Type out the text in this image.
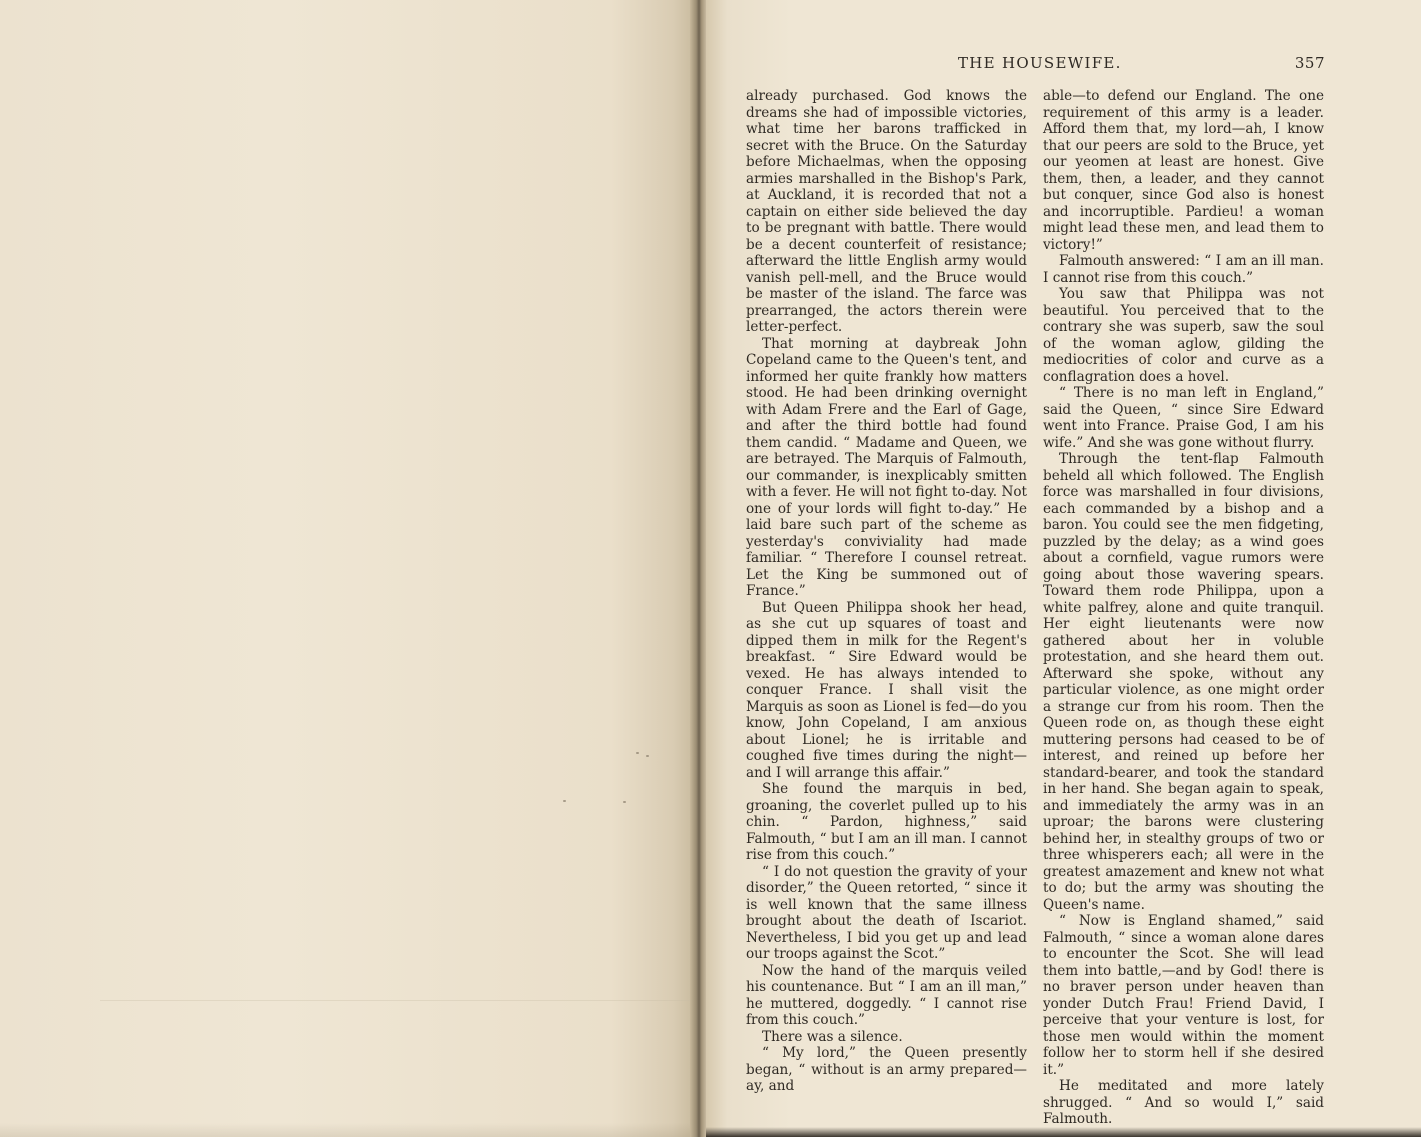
THE HOUSEWIFE.	357

already purchased. God knows the dreams she had of impossible victories, what time her barons trafficked in secret with the Bruce. On the Saturday before Michaelmas, when the opposing armies marshalled in the Bishop's Park, at Auckland, it is recorded that not a captain on either side believed the day to be pregnant with battle. There would be a decent counterfeit of resistance; afterward the little English army would vanish pell-mell, and the Bruce would be master of the island. The farce was prearranged, the actors therein were letter-perfect.

That morning at daybreak John Copeland came to the Queen's tent, and informed her quite frankly how matters stood. He had been drinking overnight with Adam Frere and the Earl of Gage, and after the third bottle had found them candid. “ Madame and Queen, we are betrayed. The Marquis of Falmouth, our commander, is inexplicably smitten with a fever. He will not fight to-day. Not one of your lords will fight to-day.” He laid bare such part of the scheme as yesterday's conviviality had made familiar. “ Therefore I counsel retreat. Let the King be summoned out of France.”

But Queen Philippa shook her head, as she cut up squares of toast and dipped them in milk for the Regent's breakfast. “ Sire Edward would be vexed. He has always intended to conquer France. I shall visit the Marquis as soon as Lionel is fed—do you know, John Copeland, I am anxious about Lionel; he is irritable and coughed five times during the night—and I will arrange this affair.”

She found the marquis in bed, groaning, the coverlet pulled up to his chin. “ Pardon, highness,” said Falmouth, “ but I am an ill man. I cannot rise from this couch.”

“ I do not question the gravity of your disorder,” the Queen retorted, “ since it is well known that the same illness brought about the death of Iscariot. Nevertheless, I bid you get up and lead our troops against the Scot.”

Now the hand of the marquis veiled his countenance. But “ I am an ill man,” he muttered, doggedly. “ I cannot rise from this couch.”

There was a silence.

“ My lord,” the Queen presently began, “ without is an army prepared—ay, and

able—to defend our England. The one requirement of this army is a leader. Afford them that, my lord—ah, I know that our peers are sold to the Bruce, yet our yeomen at least are honest. Give them, then, a leader, and they cannot but conquer, since God also is honest and incorruptible. Pardieu! a woman might lead these men, and lead them to victory!”

Falmouth answered: “ I am an ill man. I cannot rise from this couch.”

You saw that Philippa was not beautiful. You perceived that to the contrary she was superb, saw the soul of the woman aglow, gilding the mediocrities of color and curve as a conflagration does a hovel.

“ There is no man left in England,” said the Queen, “ since Sire Edward went into France. Praise God, I am his wife.” And she was gone without flurry.

Through the tent-flap Falmouth beheld all which followed. The English force was marshalled in four divisions, each commanded by a bishop and a baron. You could see the men fidgeting, puzzled by the delay; as a wind goes about a cornfield, vague rumors were going about those wavering spears. Toward them rode Philippa, upon a white palfrey, alone and quite tranquil. Her eight lieutenants were now gathered about her in voluble protestation, and she heard them out. Afterward she spoke, without any particular violence, as one might order a strange cur from his room. Then the Queen rode on, as though these eight muttering persons had ceased to be of interest, and reined up before her standard-bearer, and took the standard in her hand. She began again to speak, and immediately the army was in an uproar; the barons were clustering behind her, in stealthy groups of two or three whisperers each; all were in the greatest amazement and knew not what to do; but the army was shouting the Queen's name.

“ Now is England shamed,” said Falmouth, “ since a woman alone dares to encounter the Scot. She will lead them into battle,—and by God! there is no braver person under heaven than yonder Dutch Frau! Friend David, I perceive that your venture is lost, for those men would within the moment follow her to storm hell if she desired it.”

He meditated and more lately shrugged. “ And so would I,” said Falmouth.
